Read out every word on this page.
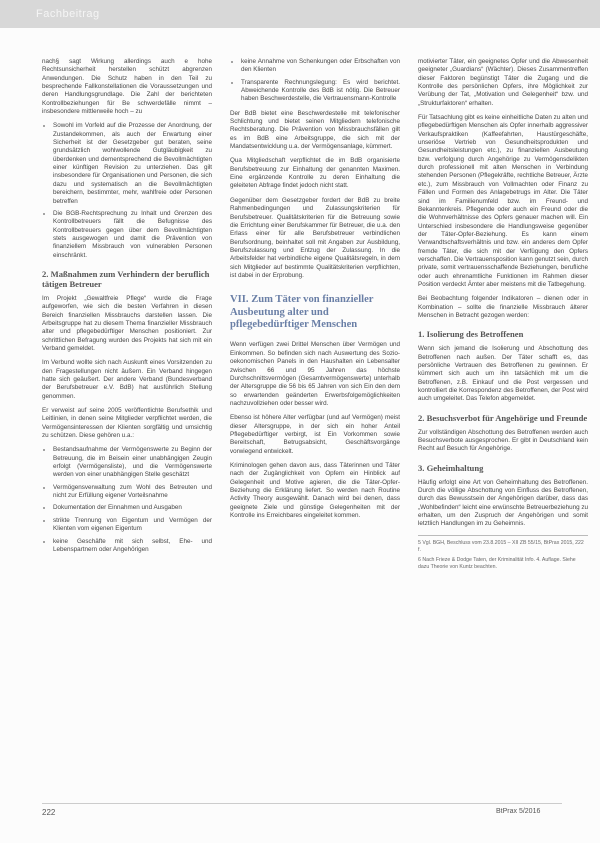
Fachbeitrag

nach§ sagt Wirkung allerdings auch e hohe Rechtsunsicherheit herstellen schützt abgrenzen Anwendungen. Die Schutz haben in den Teil zu besprechende Fallkonstellationen die Voraussetzungen und deren Handlungsgrundlage. Die Zahl der berichteten Kontrollbeziehungen für Be schwerdefälle nimmt – insbesondere mittlerweile hoch – zu

• Sowohl im Vorfeld auf die Prozesse der Anordnung, der Zustandekommen, als auch der Erwartung einer Sicherheit ist der Gesetzgeber gut beraten, seine grundsätzlich wohlwollende Gutgläubigkeit zu überdenken und dementsprechend die Bevollmächtigten einer künftigen Revision zu unterziehen. Das gilt insbesondere für Organisationen und Personen, die sich dazu und systematisch an die Bevollmächtigten bereichern, bestimmter, mehr, wahlfreie oder Personen betreffen
• Die BGB-Rechtsprechung zu Inhalt und Grenzen des Kontrollbetreuers fällt die Befugnisse des Kontrollbetreuers gegen über dem Bevollmächtigten stets ausgewogen und damit die Prävention von finanziellem Missbrauch von vulnerablen Personen einschränkt.
2. Maßnahmen zum Verhindern der beruflich tätigen Betreuer

Im Projekt „Gewaltfreie Pflege“ wurde die Frage aufgeworfen, wie sich die besten Verfahren in diesen Bereich finanziellen Missbrauchs darstellen lassen. Die Arbeitsgruppe hat zu diesem Thema finanzieller Missbrauch alter und pflegebedürftiger Menschen positioniert. Zur schrittlichen Befragung wurden des Projekts hat sich mit ein Verband gemeldet.

Im Verbund wollte sich nach Auskunft eines Vorsitzenden zu den Fragestellungen nicht äußern. Ein Verband hingegen hatte sich geäußert. Der andere Verband (Bundesverband der Berufsbetreuer e.V. BdB) hat ausführlich Stellung genommen.

Er verweist auf seine 2005 veröffentlichte Berufsethik und Leitlinien, in denen seine Mitglieder verpflichtet werden, die Vermögensinteressen der Klienten sorgfältig und umsichtig zu schützen. Diese gehören u.a.:

• Bestandsaufnahme der Vermögenswerte zu Beginn der Betreuung, die im Beisein einer unabhängigen Zeugin erfolgt (Vermögensliste), und die Vermögenswerte werden von einer unabhängigen Stelle geschätzt
• Vermögensverwaltung zum Wohl des Betreuten und nicht zur Erfüllung eigener Vorteilsnahme
• Dokumentation der Einnahmen und Ausgaben
• strikte Trennung von Eigentum und Vermögen der Klienten vom eigenen Eigentum
• keine Geschäfte mit sich selbst, Ehe- und Lebenspartnern oder Angehörigen
• keine Annahme von Schenkungen oder Erbschaften von den Klienten
• Transparente Rechnungslegung: Es wird berichtet. Abweichende Kontrolle des BdB ist nötig. Die Betreuer haben Beschwerdestelle, die Vertrauensmann-Kontrolle

Der BdB bietet eine Beschwerdestelle mit telefonischer Schlichtung und bietet seinen Mitgliedern telefonische Rechtsberatung. Die Prävention von Missbrauchsfällen gilt es im BdB eine Arbeitsgruppe, die sich mit der Mandatsentwicklung u.a. der Vermögensanlage, kümmert.

Qua Mitgliedschaft verpflichtet die im BdB organisierte Berufsbetreuung zur Einhaltung der genannten Maximen. Eine ergänzende Kontrolle zu deren Einhaltung die geleiteten Abfrage findet jedoch nicht statt.

Gegenüber dem Gesetzgeber fordert der BdB zu breite Rahmenbedingungen und Zulassungskriterien für Berufsbetreuer. Qualitätskriterien für die Betreuung sowie die Errichtung einer Berufskammer für Betreuer, die u.a. den Erlass einer für alle Berufsbetreuer verbindlichen Berufsordnung, beinhaltet soll mit Angaben zur Ausbildung, Berufszulassung und Entzug der Zulassung. In die Arbeitsfelder hat verbindliche eigene Qualitätsregeln, in dem sich Mitglieder auf bestimmte Qualitätskriterien verpflichten, ist dabei in der Erprobung.

VII. Zum Täter von finanzieller Ausbeutung alter und pflegebedürftiger Menschen

Wenn verfügen zwei Drittel Menschen über Vermögen und Einkommen. So befinden sich nach Auswertung des Sozio-oekonomischen Panels in den Haushalten ein Lebensalter zwischen 66 und 95 Jahren das höchste Durchschnittsvermögen (Gesamtvermögenswerte) unterhalb der Altersgruppe die 56 bis 65 Jahren von sich Ein den dem so erwartenden geänderten Erwerbsfolgemöglichkeiten nachzuvollziehen oder besser wird.

Ebenso ist höhere Alter verfügbar (und auf Vermögen) meist dieser Altersgruppe, in der sich ein hoher Anteil Pflegebedürftiger verbirgt, ist Ein Vorkommen sowie Bereitschaft, Betrugsabsicht, Geschäftsvorgänge vorwiegend entwickelt.

Kriminologen gehen davon aus, dass Täterinnen und Täter nach der Zugänglichkeit von Opfern ein Hinblick auf Gelegenheit und Motive agieren, die die Täter-Opfer-Beziehung die Erklärung liefert. So werden nach Routine Activity Theory ausgewählt. Danach wird bei denen, dass geeignete Ziele und günstige Gelegenheiten mit der Kontrolle ins Erreichbares eingeleitet kommen.

motivierter Täter, ein geeignetes Opfer und die Abwesenheit geeigneter „Guardians“ (Wächter). Dieses Zusammentreffen dieser Faktoren begünstigt Täter die Zugang und die Kontrolle des persönlichen Opfers, ihre Möglichkeit zur Verübung der Tat, „Motivation und Gelegenheit“ bzw. und „Strukturfaktoren“ erhalten.

Für Tatsachlung gibt es keine einheitliche Daten zu alten und pflegebedürftigen Menschen als Opfer innerhalb aggressiver Verkaufspraktiken (Kaffeefahrten, Haustürgeschäfte, unseriöse Vertrieb von Gesundheitsprodukten und Gesundheitsleistungen etc.), zu finanziellen Ausbeutung bzw. verfolgung durch Angehörige zu Vermögensdelikten durch professionell mit alten Menschen in Verbindung stehenden Personen (Pflegekräfte, rechtliche Betreuer, Ärzte etc.), zum Missbrauch von Vollmachten oder Finanz zu Fällen und Formen des Anlagebetrugs im Alter. Die Täter sind im Familienumfeld bzw. im Freund- und Bekanntenkreis. Pflegende oder auch ein Freund oder die die Wohnverhältnisse des Opfers genauer machen will. Ein Unterschied insbesondere die Handlungsweise gegenüber der Täter-Opfer-Beziehung. Es kann einem Verwandtschaftsverhältnis und bzw. ein anderes dem Opfer fremde Täter, die sich mit der Verfügung den Opfers verschaffen. Die Vertrauensposition kann genutzt sein, durch private, somit vertrauensschaffende Beziehungen, berufliche oder auch ehrenamtliche Funktionen im Rahmen dieser Position verdeckt Ämter aber meistens mit die Tatbegehung.

Bei Beobachtung folgender Indikatoren – dienen oder in Kombination – sollte die finanzielle Missbrauch älterer Menschen in Betracht gezogen werden:

1. Isolierung des Betroffenen

Wenn sich jemand die Isolierung und Abschottung des Betroffenen nach außen. Der Täter schafft es, das persönliche Vertrauen des Betroffenen zu gewinnen. Er kümmert sich auch um ihn tatsächlich mit um die Betroffenen, z.B. Einkauf und die Post vergessen und kontrolliert die Korrespondenz des Betroffenen, der Post wird auch umgeleitet. Das Telefon abgemeldet.

2. Besuchsverbot für Angehörige und Freunde

Zur vollständigen Abschottung des Betroffenen werden auch Besuchsverbote ausgesprochen. Er gibt in Deutschland kein Recht auf Besuch für Angehörige.

3. Geheimhaltung

Häufig erfolgt eine Art von Geheimhaltung des Betroffenen. Durch die völlige Abschottung von Einfluss des Betroffenen, durch das Bewusstsein der Angehörigen darüber, dass das „Wohlbefinden“ leicht eine erwünschte Betreuerbeziehung zu erhalten, um den Zuspruch der Angehörigen und somit letztlich Handlungen im zu Geheimnis.

5 Vgl. BGH, Beschluss vom 23.8.2015 – XII ZB 55/15, BtPrax 2015, 222 f.
6 Nach Frieze & Dodge Taten, der Kriminalität Info. 4. Auflage. Siehe dazu Theorie von Kuntz beachten.
222	BtPrax 5/2016
